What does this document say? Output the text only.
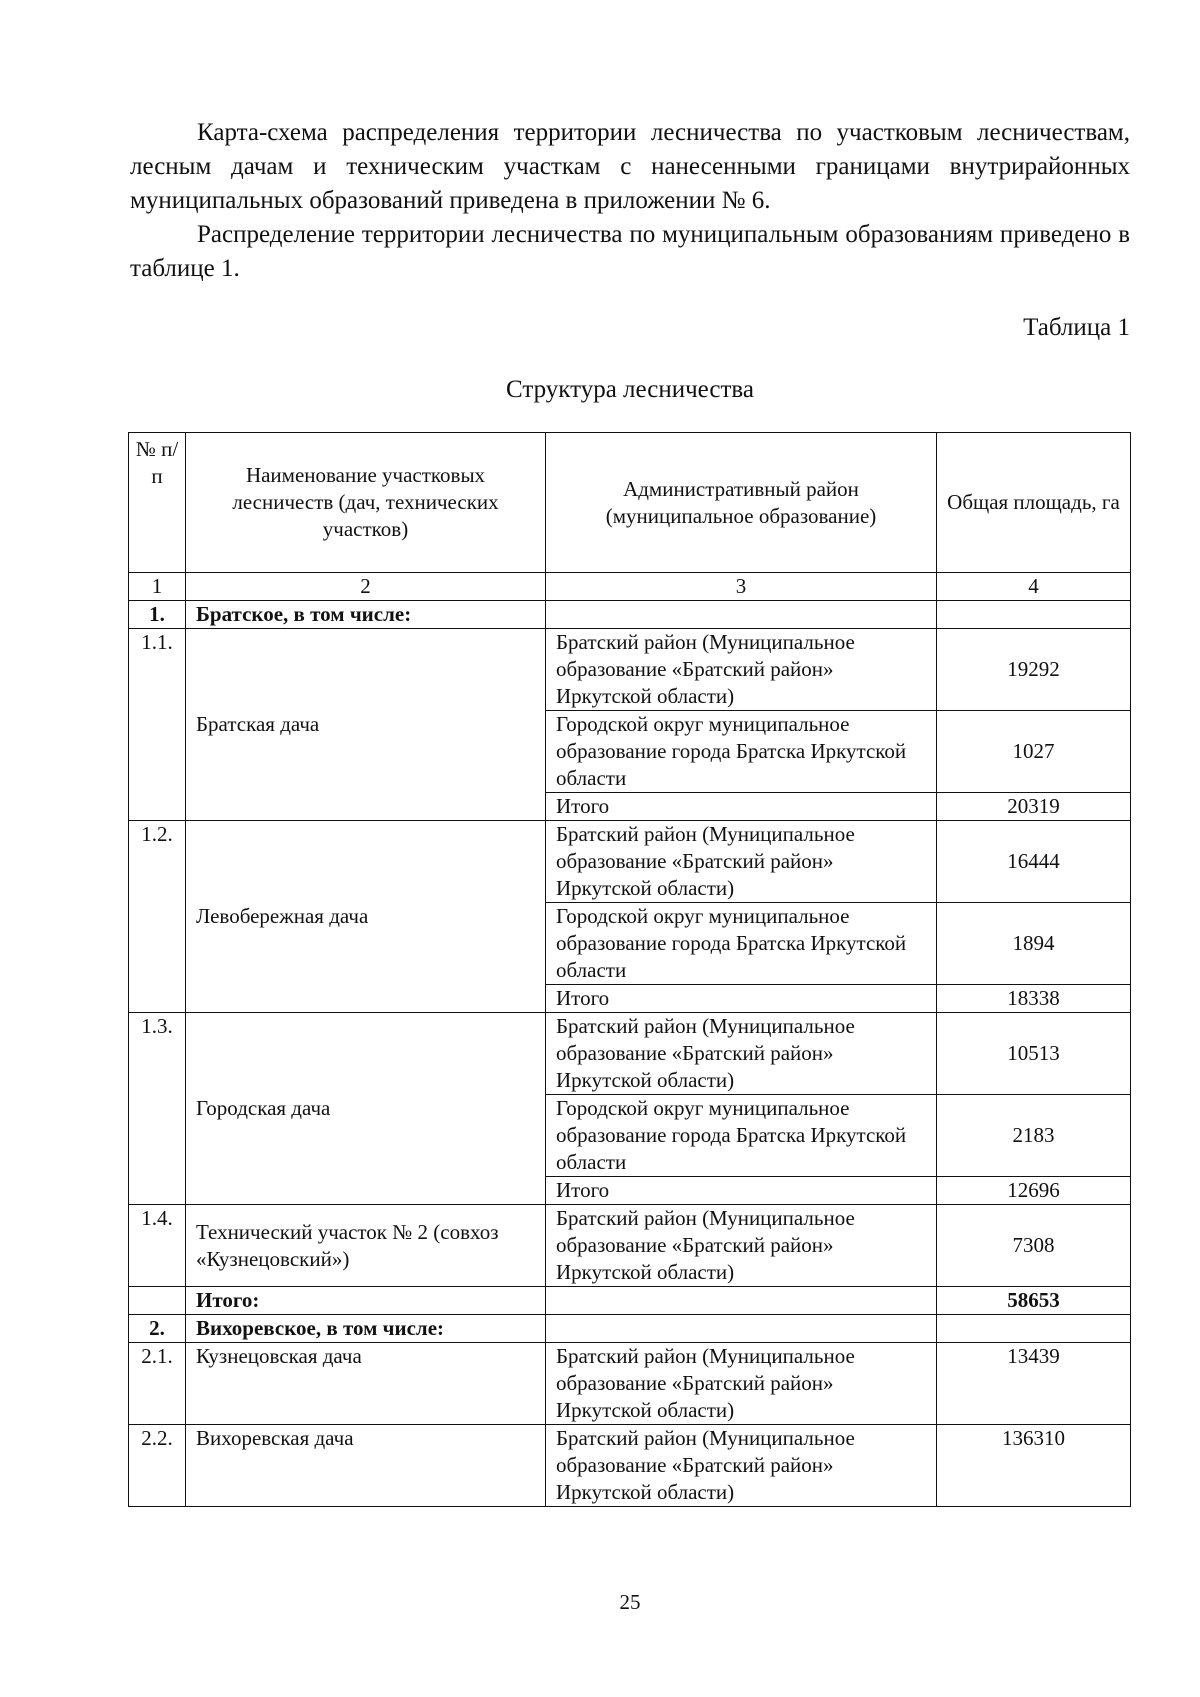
Карта-схема распределения территории лесничества по участковым лесничествам, лесным дачам и техническим участкам с нанесенными границами внутрирайонных муниципальных образований приведена в приложении № 6.

Распределение территории лесничества по муниципальным образованиям приведено в таблице 1.

Таблица 1
Структура лесничества
№ п/п	Наименование участковых лесничеств (дач, технических участков)	Административный район (муниципальное образование)	Общая площадь, га
1	2	3	4
1.	Братское, в том числе:		
1.1.	Братская дача	Братский район (Муниципальное образование «Братский район» Иркутской области)	19292
		Городской округ муниципальное образование города Братска Иркутской области	1027
		Итого	20319
1.2.	Левобережная дача	Братский район (Муниципальное образование «Братский район» Иркутской области)	16444
		Городской округ муниципальное образование города Братска Иркутской области	1894
		Итого	18338
1.3.	Городская дача	Братский район (Муниципальное образование «Братский район» Иркутской области)	10513
		Городской округ муниципальное образование города Братска Иркутской области	2183
		Итого	12696
1.4.	Технический участок № 2 (совхоз «Кузнецовский»)	Братский район (Муниципальное образование «Братский район» Иркутской области)	7308
	Итого:		58653
2.	Вихоревское, в том числе:		
2.1.	Кузнецовская дача	Братский район (Муниципальное образование «Братский район» Иркутской области)	13439
2.2.	Вихоревская дача	Братский район (Муниципальное образование «Братский район» Иркутской области)	136310
25
